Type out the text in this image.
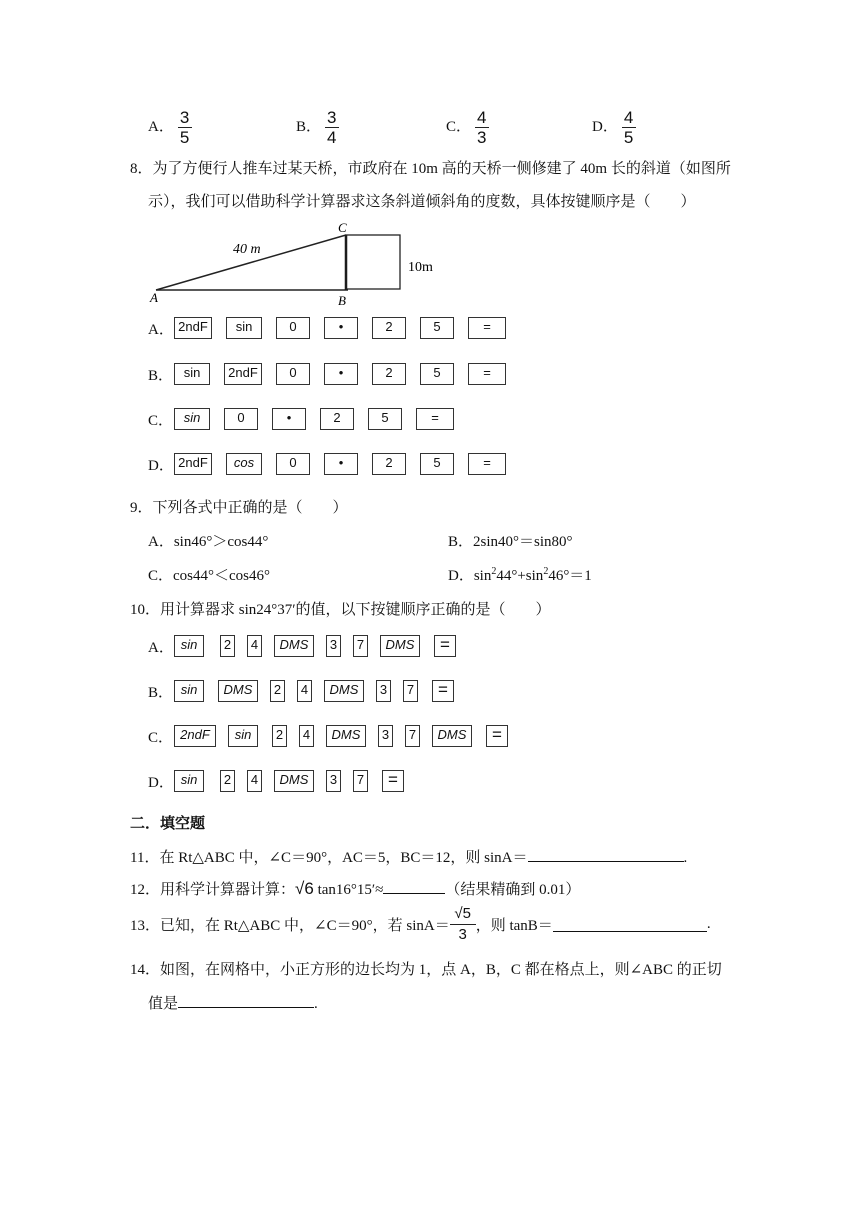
A． $\frac{3}{5}$	B． $\frac{3}{4}$	C． $\frac{4}{3}$	D． $\frac{4}{5}$
8．为了方便行人推车过某天桥，市政府在 10m 高的天桥一侧修建了 40m 长的斜道（如图所
示），我们可以借助科学计算器求这条斜道倾斜角的度数，具体按键顺序是（　　）
40 m
10m
A	B
C
A． 2ndF	sin	0	•	2	5	=
B． sin	2ndF	0	•	2	5	=
C． sin	0	•	2	5	=
D． 2ndF	cos	0	•	2	5	=
9．下列各式中正确的是（　　）
A．sin46°＞cos44°	B．2sin40°＝sin80°
C．cos44°＜cos46°	D．$\sin^244^\circ+\sin^246^\circ=1$
10．用计算器求 sin24°37′的值，以下按键顺序正确的是（　　）
A． sin	2 4	DMS	3 7	DMS	=
B． sin	DMS	2 4	DMS	3 7	=
C． 2ndF	sin	2 4	DMS	3 7	DMS	=
D． sin	2 4	DMS	3 7	=
二．填空题
11．在 Rt△ABC 中，∠C＝90°，AC＝5，BC＝12，则 sinA＝	.
12．用科学计算器计算：√6 tan16°15′≈	（结果精确到 0.01）
13．已知，在 Rt△ABC 中，∠C＝90°，若 $\sin A= \frac{√5}{3}$ ，则 tanB＝	.
14．如图，在网格中，小正方形的边长均为 1，点 A，B，C 都在格点上，则∠ABC 的正切
值是	.
